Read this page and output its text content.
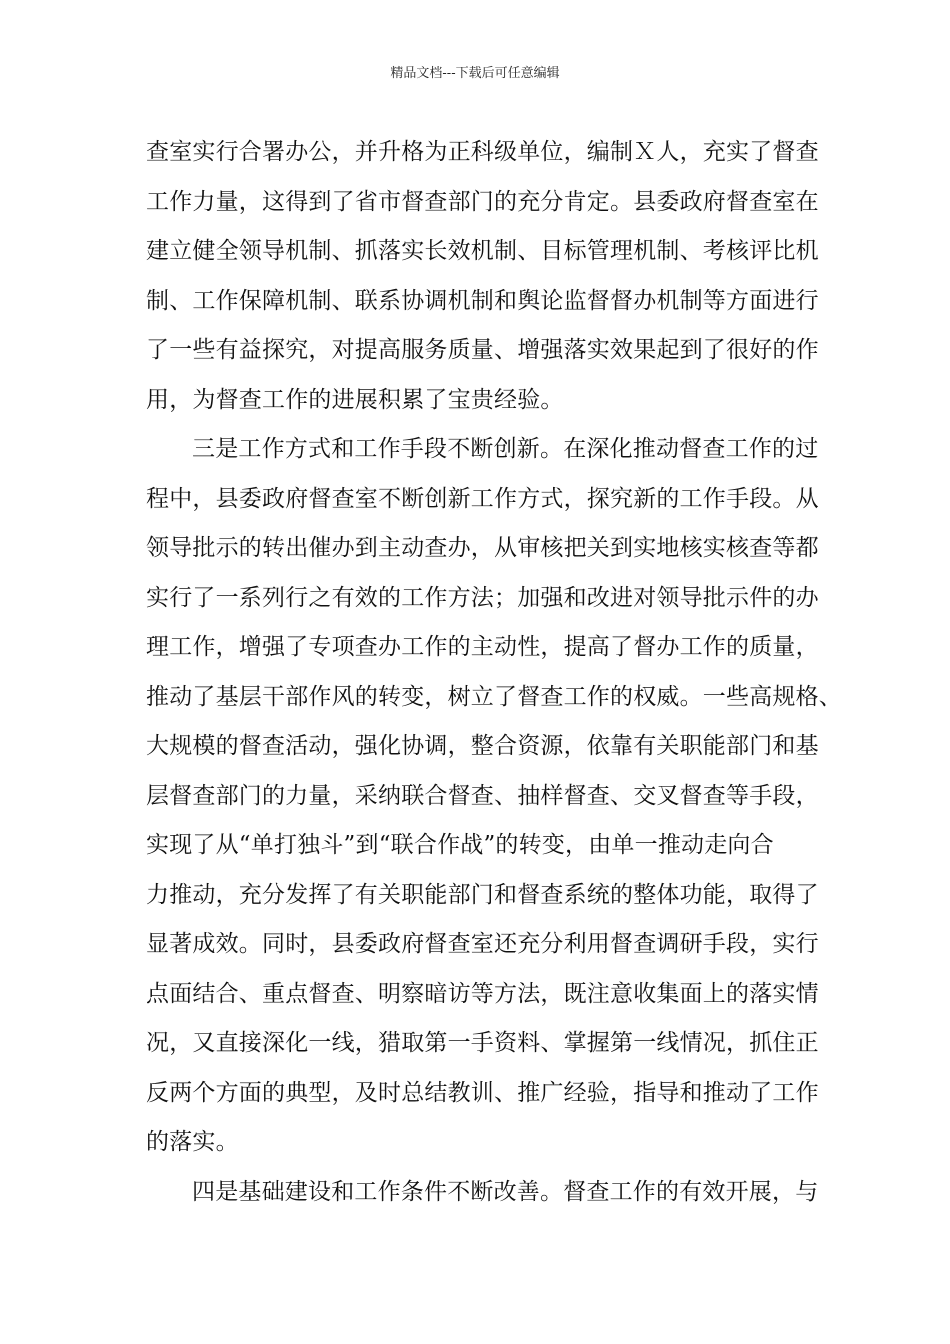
精品文档---下载后可任意编辑
查室实行合署办公，并升格为正科级单位，编制Ｘ人，充实了督查
工作力量，这得到了省市督查部门的充分肯定。县委政府督查室在
建立健全领导机制、抓落实长效机制、目标管理机制、考核评比机
制、工作保障机制、联系协调机制和舆论监督督办机制等方面进行
了一些有益探究，对提高服务质量、增强落实效果起到了很好的作
用，为督查工作的进展积累了宝贵经验。
三是工作方式和工作手段不断创新。在深化推动督查工作的过
程中，县委政府督查室不断创新工作方式，探究新的工作手段。从
领导批示的转出催办到主动查办，从审核把关到实地核实核查等都
实行了一系列行之有效的工作方法；加强和改进对领导批示件的办
理工作，增强了专项查办工作的主动性，提高了督办工作的质量，
推动了基层干部作风的转变，树立了督查工作的权威。一些高规格、
大规模的督查活动，强化协调，整合资源，依靠有关职能部门和基
层督查部门的力量，采纳联合督查、抽样督查、交叉督查等手段，
实现了从“单打独斗”到“联合作战”的转变，由单一推动走向合
力推动，充分发挥了有关职能部门和督查系统的整体功能，取得了
显著成效。同时，县委政府督查室还充分利用督查调研手段，实行
点面结合、重点督查、明察暗访等方法，既注意收集面上的落实情
况，又直接深化一线，猎取第一手资料、掌握第一线情况，抓住正
反两个方面的典型，及时总结教训、推广经验，指导和推动了工作
的落实。
四是基础建设和工作条件不断改善。督查工作的有效开展，与
